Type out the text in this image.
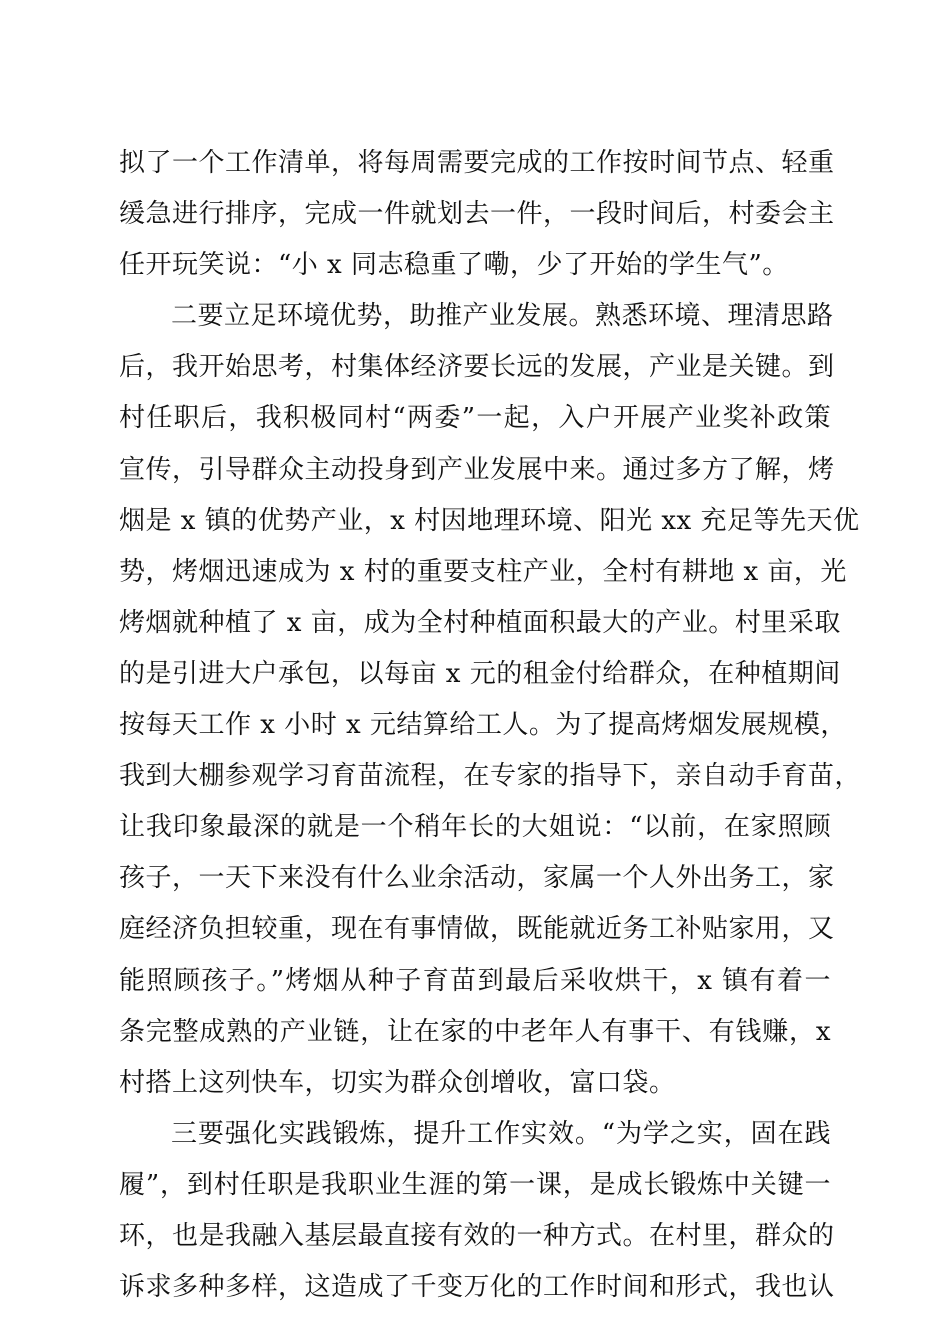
拟了一个工作清单，将每周需要完成的工作按时间节点、轻重
缓急进行排序，完成一件就划去一件，一段时间后，村委会主
任开玩笑说：“小 x 同志稳重了嘞，少了开始的学生气”。
二要立足环境优势，助推产业发展。熟悉环境、理清思路
后，我开始思考，村集体经济要长远的发展，产业是关键。到
村任职后，我积极同村“两委”一起，入户开展产业奖补政策
宣传，引导群众主动投身到产业发展中来。通过多方了解，烤
烟是 x 镇的优势产业，x 村因地理环境、阳光 xx 充足等先天优
势，烤烟迅速成为 x 村的重要支柱产业，全村有耕地 x 亩，光
烤烟就种植了 x 亩，成为全村种植面积最大的产业。村里采取
的是引进大户承包，以每亩 x 元的租金付给群众，在种植期间
按每天工作 x 小时 x 元结算给工人。为了提高烤烟发展规模，
我到大棚参观学习育苗流程，在专家的指导下，亲自动手育苗，
让我印象最深的就是一个稍年长的大姐说：“以前，在家照顾
孩子，一天下来没有什么业余活动，家属一个人外出务工，家
庭经济负担较重，现在有事情做，既能就近务工补贴家用，又
能照顾孩子。”烤烟从种子育苗到最后采收烘干，x 镇有着一
条完整成熟的产业链，让在家的中老年人有事干、有钱赚，x
村搭上这列快车，切实为群众创增收，富口袋。
三要强化实践锻炼，提升工作实效。“为学之实，固在践
履”，到村任职是我职业生涯的第一课，是成长锻炼中关键一
环，也是我融入基层最直接有效的一种方式。在村里，群众的
诉求多种多样，这造成了千变万化的工作时间和形式，我也认
